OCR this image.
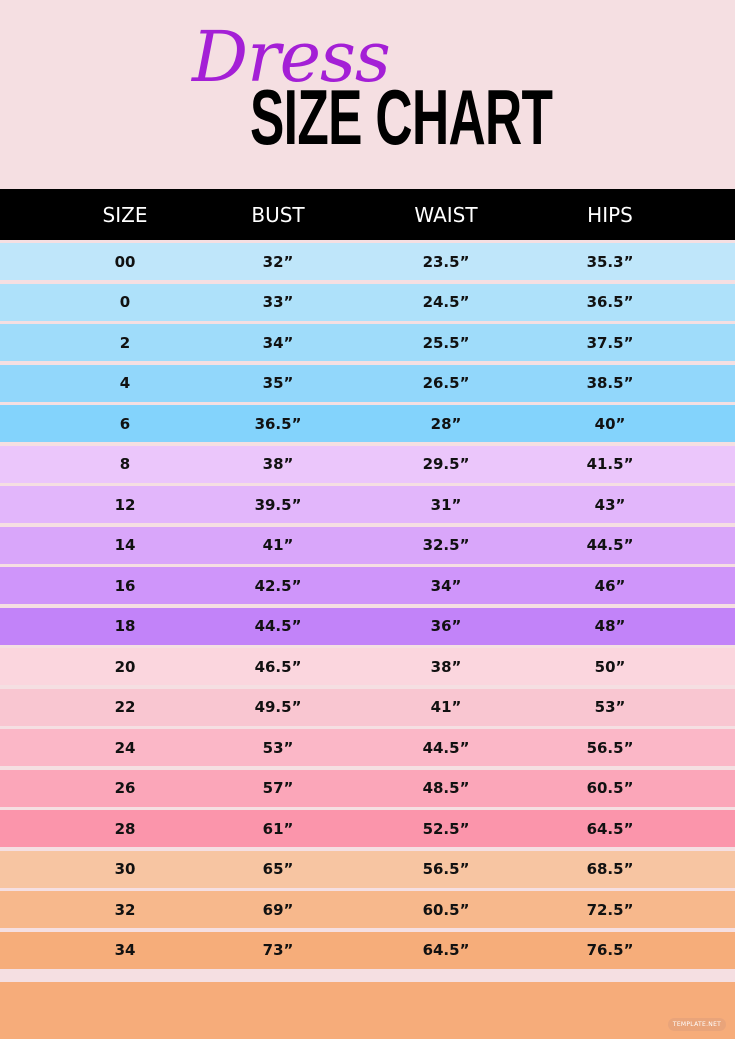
Dress
SIZE CHART
SIZE	BUST	WAIST	HIPS
00	32”	23.5”	35.3”
0	33”	24.5”	36.5”
2	34”	25.5”	37.5”
4	35”	26.5”	38.5”
6	36.5”	28”	40”
8	38”	29.5”	41.5”
12	39.5”	31”	43”
14	41”	32.5”	44.5”
16	42.5”	34”	46”
18	44.5”	36”	48”
20	46.5”	38”	50”
22	49.5”	41”	53”
24	53”	44.5”	56.5”
26	57”	48.5”	60.5”
28	61”	52.5”	64.5”
30	65”	56.5”	68.5”
32	69”	60.5”	72.5”
34	73”	64.5”	76.5”
TEMPLATE.NET
